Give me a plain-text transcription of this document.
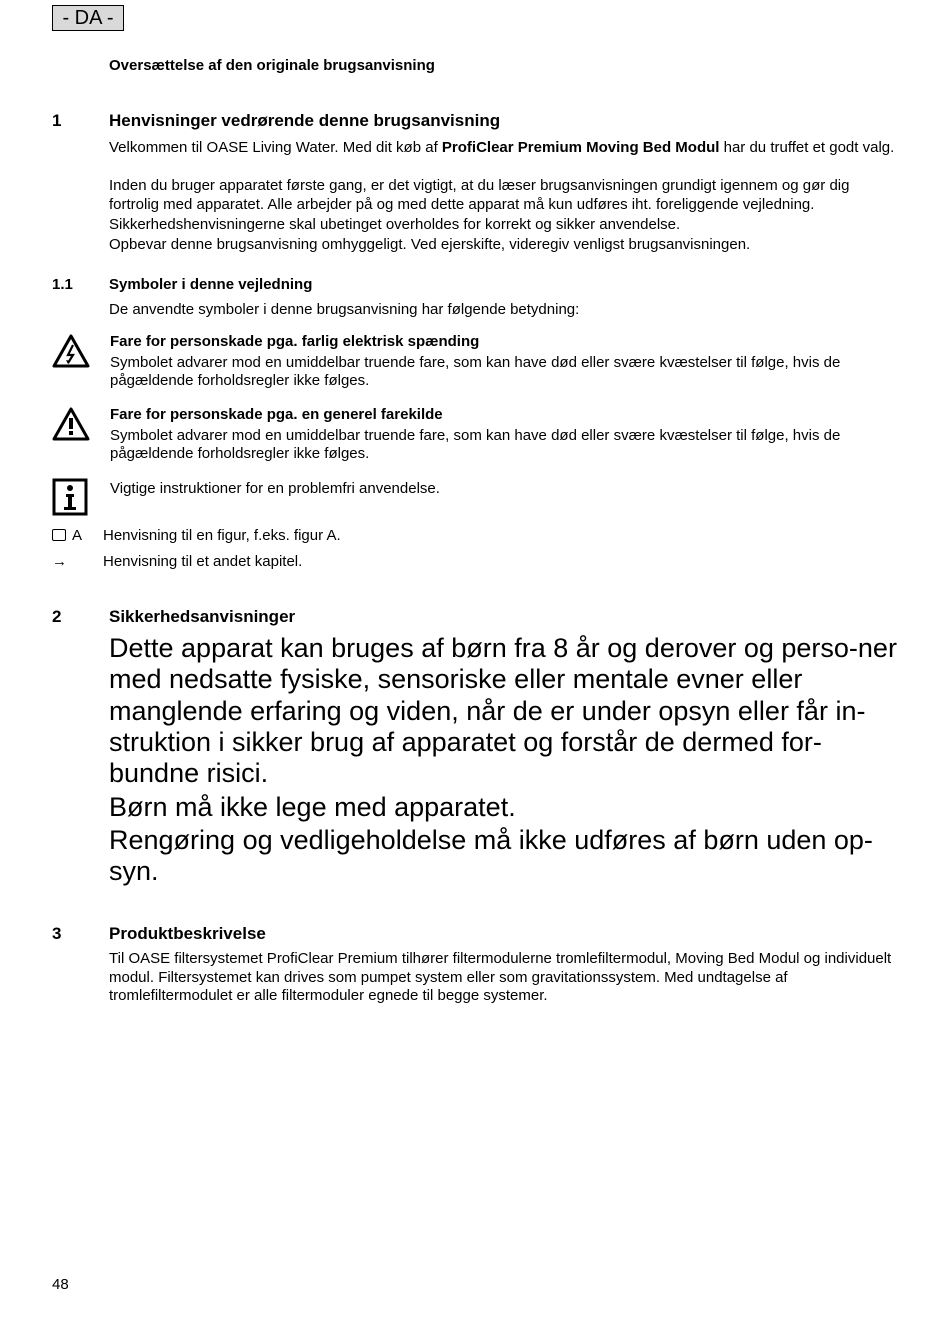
- DA -
Oversættelse af den originale brugsanvisning
1	Henvisninger vedrørende denne brugsanvisning

Velkommen til OASE Living Water. Med dit køb af ProfiClear Premium Moving Bed Modul har du truffet et godt valg.

Inden du bruger apparatet første gang, er det vigtigt, at du læser brugsanvisningen grundigt igennem og gør dig fortrolig med apparatet. Alle arbejder på og med dette apparat må kun udføres iht. foreliggende vejledning.

Sikkerhedshenvisningerne skal ubetinget overholdes for korrekt og sikker anvendelse.

Opbevar denne brugsanvisning omhyggeligt. Ved ejerskifte, videregiv venligst brugsanvisningen.

1.1 Symboler i denne vejledning

De anvendte symboler i denne brugsanvisning har følgende betydning:

Fare for personskade pga. farlig elektrisk spænding

Symbolet advarer mod en umiddelbar truende fare, som kan have død eller svære kvæstelser til følge, hvis de pågældende forholdsregler ikke følges.

Fare for personskade pga. en generel farekilde

Symbolet advarer mod en umiddelbar truende fare, som kan have død eller svære kvæstelser til følge, hvis de pågældende forholdsregler ikke følges.

Vigtige instruktioner for en problemfri anvendelse.
A Henvisning til en figur, f.eks. figur A.
→ Henvisning til et andet kapitel.
2	Sikkerhedsanvisninger

Dette apparat kan bruges af børn fra 8 år og derover og perso-ner med nedsatte fysiske, sensoriske eller mentale evner eller manglende erfaring og viden, når de er under opsyn eller får in-struktion i sikker brug af apparatet og forstår de dermed for-bundne risici.

Børn må ikke lege med apparatet.

Rengøring og vedligeholdelse må ikke udføres af børn uden op-syn.

3	Produktbeskrivelse

Til OASE filtersystemet ProfiClear Premium tilhører filtermodulerne tromlefiltermodul, Moving Bed Modul og individuelt modul. Filtersystemet kan drives som pumpet system eller som gravitationssystem. Med undtagelse af tromlefiltermodulet er alle filtermoduler egnede til begge systemer.

48
